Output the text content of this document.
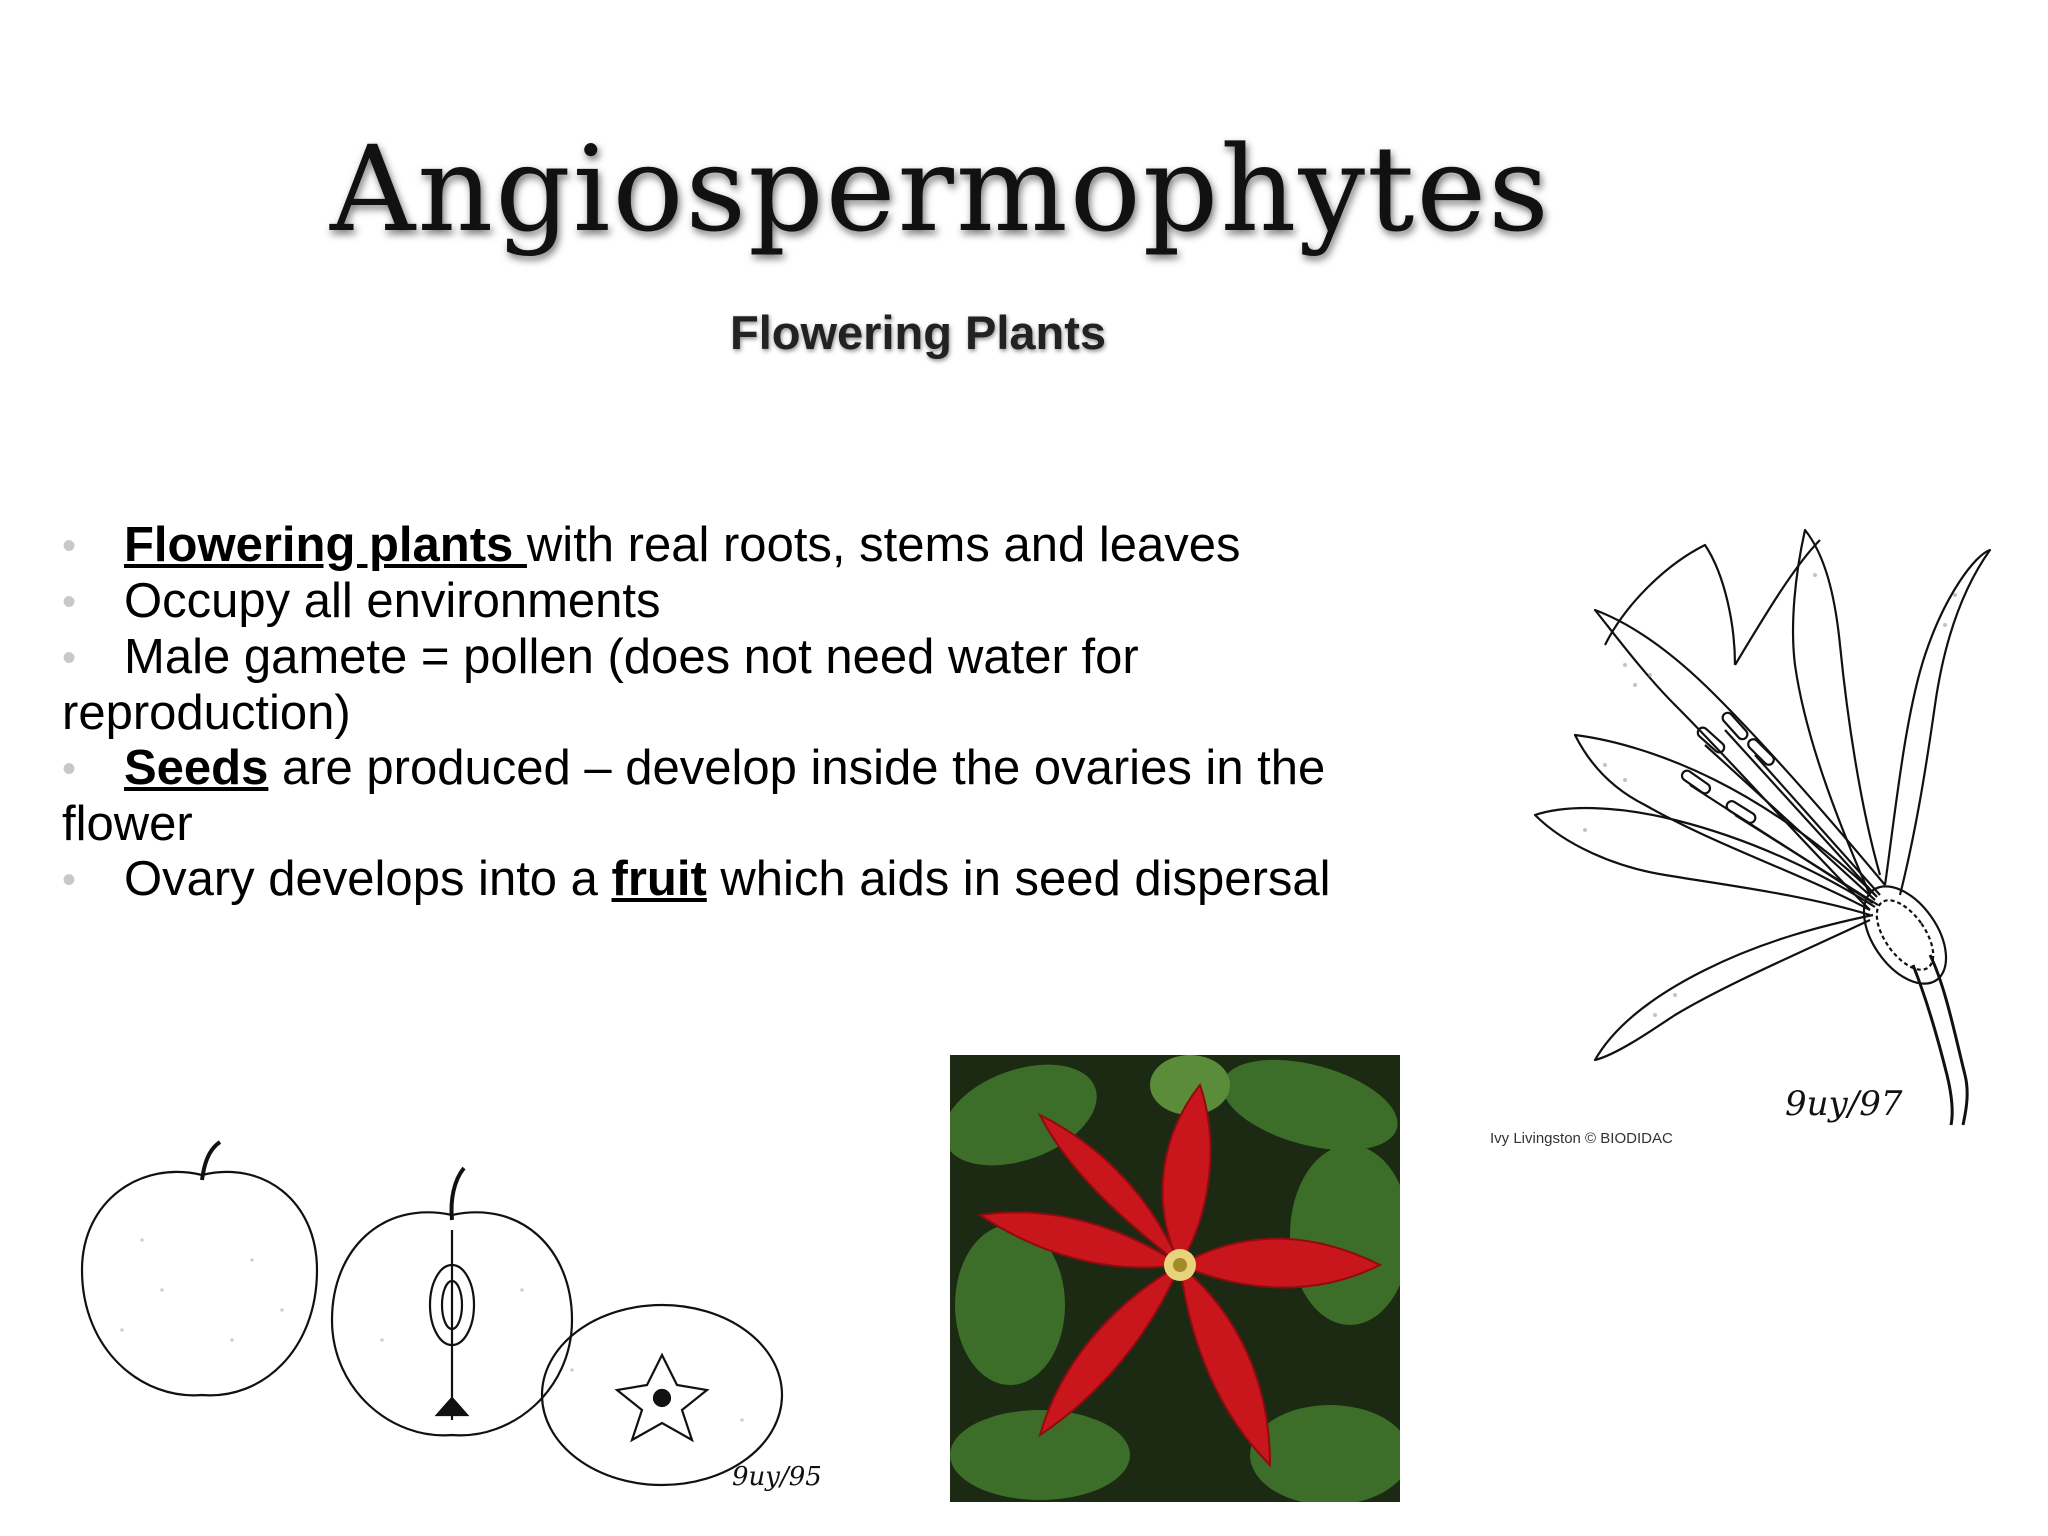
Angiospermophytes
Flowering Plants
• Flowering plants with real roots, stems and leaves
• Occupy all environments
• Male gamete = pollen (does not need water for reproduction)
• Seeds are produced – develop inside the ovaries in the flower
• Ovary develops into a fruit which aids in seed dispersal
9uy/97
Ivy Livingston © BIODIDAC
9uy/95
